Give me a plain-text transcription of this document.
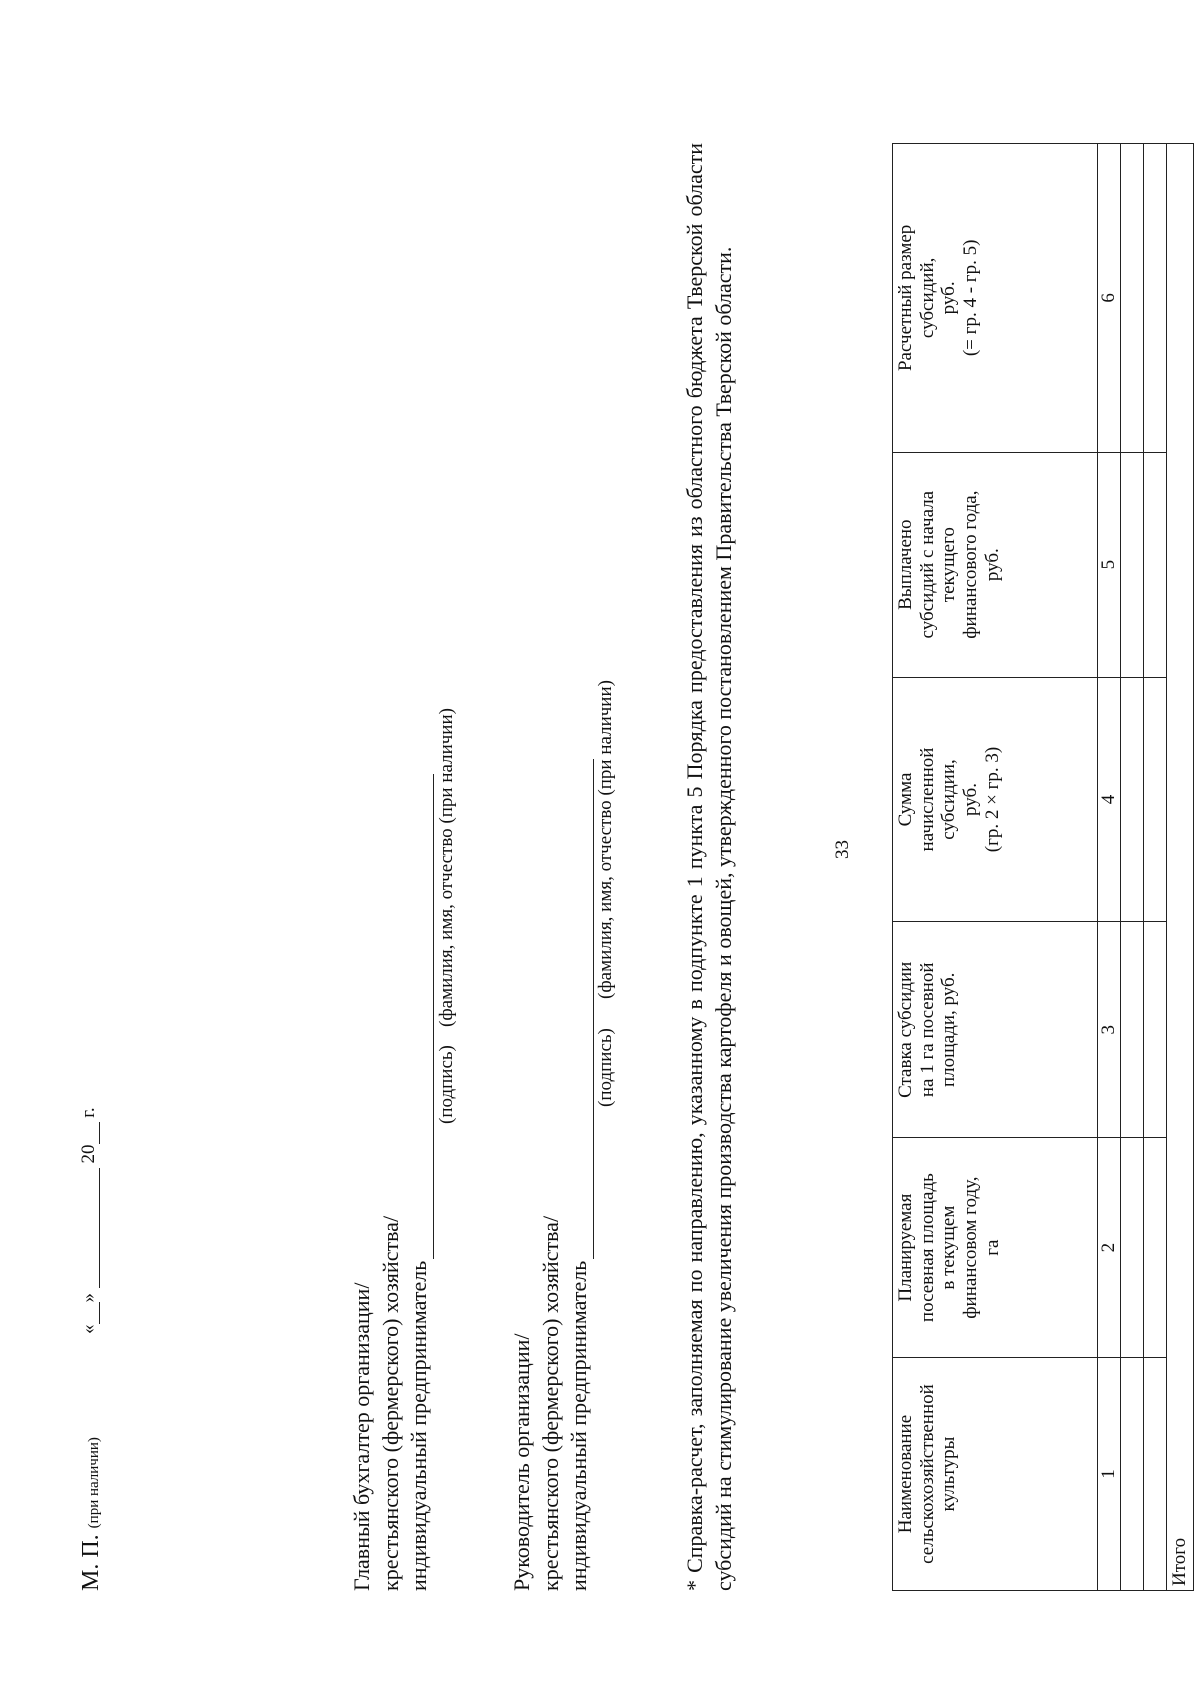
33
Наименование
сельскохозяйственной
культуры	Планируемая
посевная площадь
в текущем
финансовом году,
га	Ставка субсидии
на 1 га посевной
площади, руб.	Сумма
начисленной
субсидии,
руб.
(гр. 2 × гр. 3)	Выплачено
субсидий с начала
текущего
финансового года,
руб.	Расчетный размер
субсидий,
руб.
(= гр. 4 - гр. 5)
1	2	3	4	5	6

Итого					
* Справка-расчет, заполняемая по направлению, указанному в подпункте 1 пункта 5 Порядка предоставления из областного бюджета Тверской области субсидий на стимулирование увеличения производства картофеля и овощей, утвержденного постановлением Правительства Тверской области.
Руководитель организации/ крестьянского (фермерского) хозяйства/ индивидуальный предприниматель
(подпись)
(фамилия, имя, отчество (при наличии)
Главный бухгалтер организации/ крестьянского (фермерского) хозяйства/ индивидуальный предприниматель
(подпись)
(фамилия, имя, отчество (при наличии)
М. П. (при наличии)
«»  20 г.
